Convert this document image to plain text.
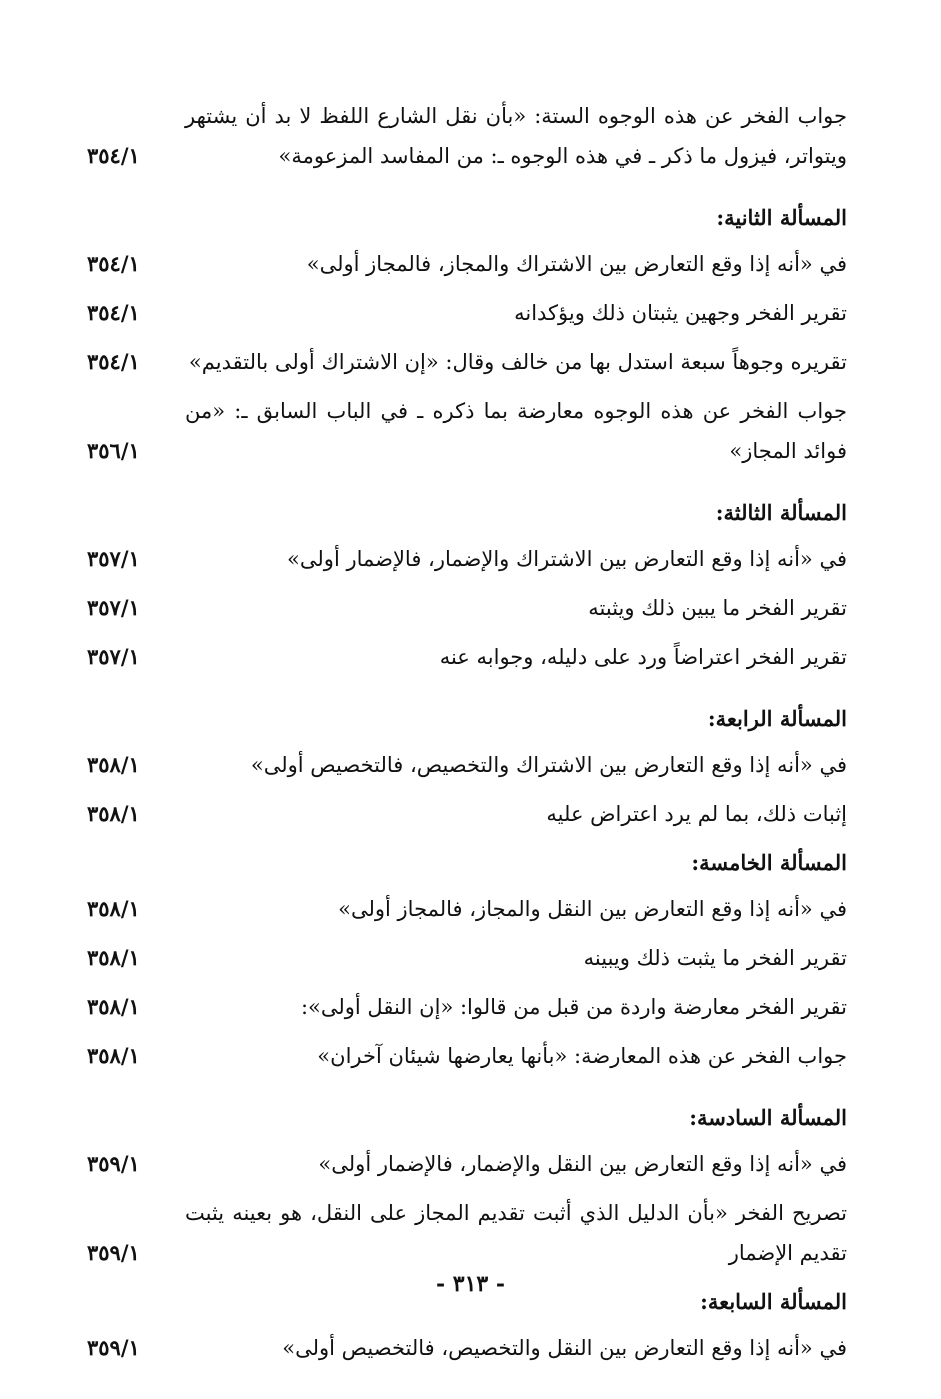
جواب الفخر عن هذه الوجوه الستة: «بأن نقل الشارع اللفظ لا بد أن يشتهر ويتواتر، فيزول ما ذكر ـ في هذه الوجوه ـ: من المفاسد المزعومة»
٣٥٤/١
المسألة الثانية:
في «أنه إذا وقع التعارض بين الاشتراك والمجاز، فالمجاز أولى»
٣٥٤/١
تقرير الفخر وجهين يثبتان ذلك ويؤكدانه
٣٥٤/١
تقريره وجوهاً سبعة استدل بها من خالف وقال: «إن الاشتراك أولى بالتقديم»
٣٥٤/١
جواب الفخر عن هذه الوجوه معارضة بما ذكره ـ في الباب السابق ـ: «من فوائد المجاز»
٣٥٦/١
المسألة الثالثة:
في «أنه إذا وقع التعارض بين الاشتراك والإضمار، فالإضمار أولى»
٣٥٧/١
تقرير الفخر ما يبين ذلك ويثبته
٣٥٧/١
تقرير الفخر اعتراضاً ورد على دليله، وجوابه عنه
٣٥٧/١
المسألة الرابعة:
في «أنه إذا وقع التعارض بين الاشتراك والتخصيص، فالتخصيص أولى»
٣٥٨/١
إثبات ذلك، بما لم يرد اعتراض عليه
٣٥٨/١
المسألة الخامسة:
في «أنه إذا وقع التعارض بين النقل والمجاز، فالمجاز أولى»
٣٥٨/١
تقرير الفخر ما يثبت ذلك ويبينه
٣٥٨/١
تقرير الفخر معارضة واردة من قبل من قالوا: «إن النقل أولى»:
٣٥٨/١
جواب الفخر عن هذه المعارضة: «بأنها يعارضها شيئان آخران»
٣٥٨/١
المسألة السادسة:
في «أنه إذا وقع التعارض بين النقل والإضمار، فالإضمار أولى»
٣٥٩/١
تصريح الفخر «بأن الدليل الذي أثبت تقديم المجاز على النقل، هو بعينه يثبت تقديم الإضمار
٣٥٩/١
المسألة السابعة:
في «أنه إذا وقع التعارض بين النقل والتخصيص، فالتخصيص أولى»
٣٥٩/١
- ٣١٣ -
